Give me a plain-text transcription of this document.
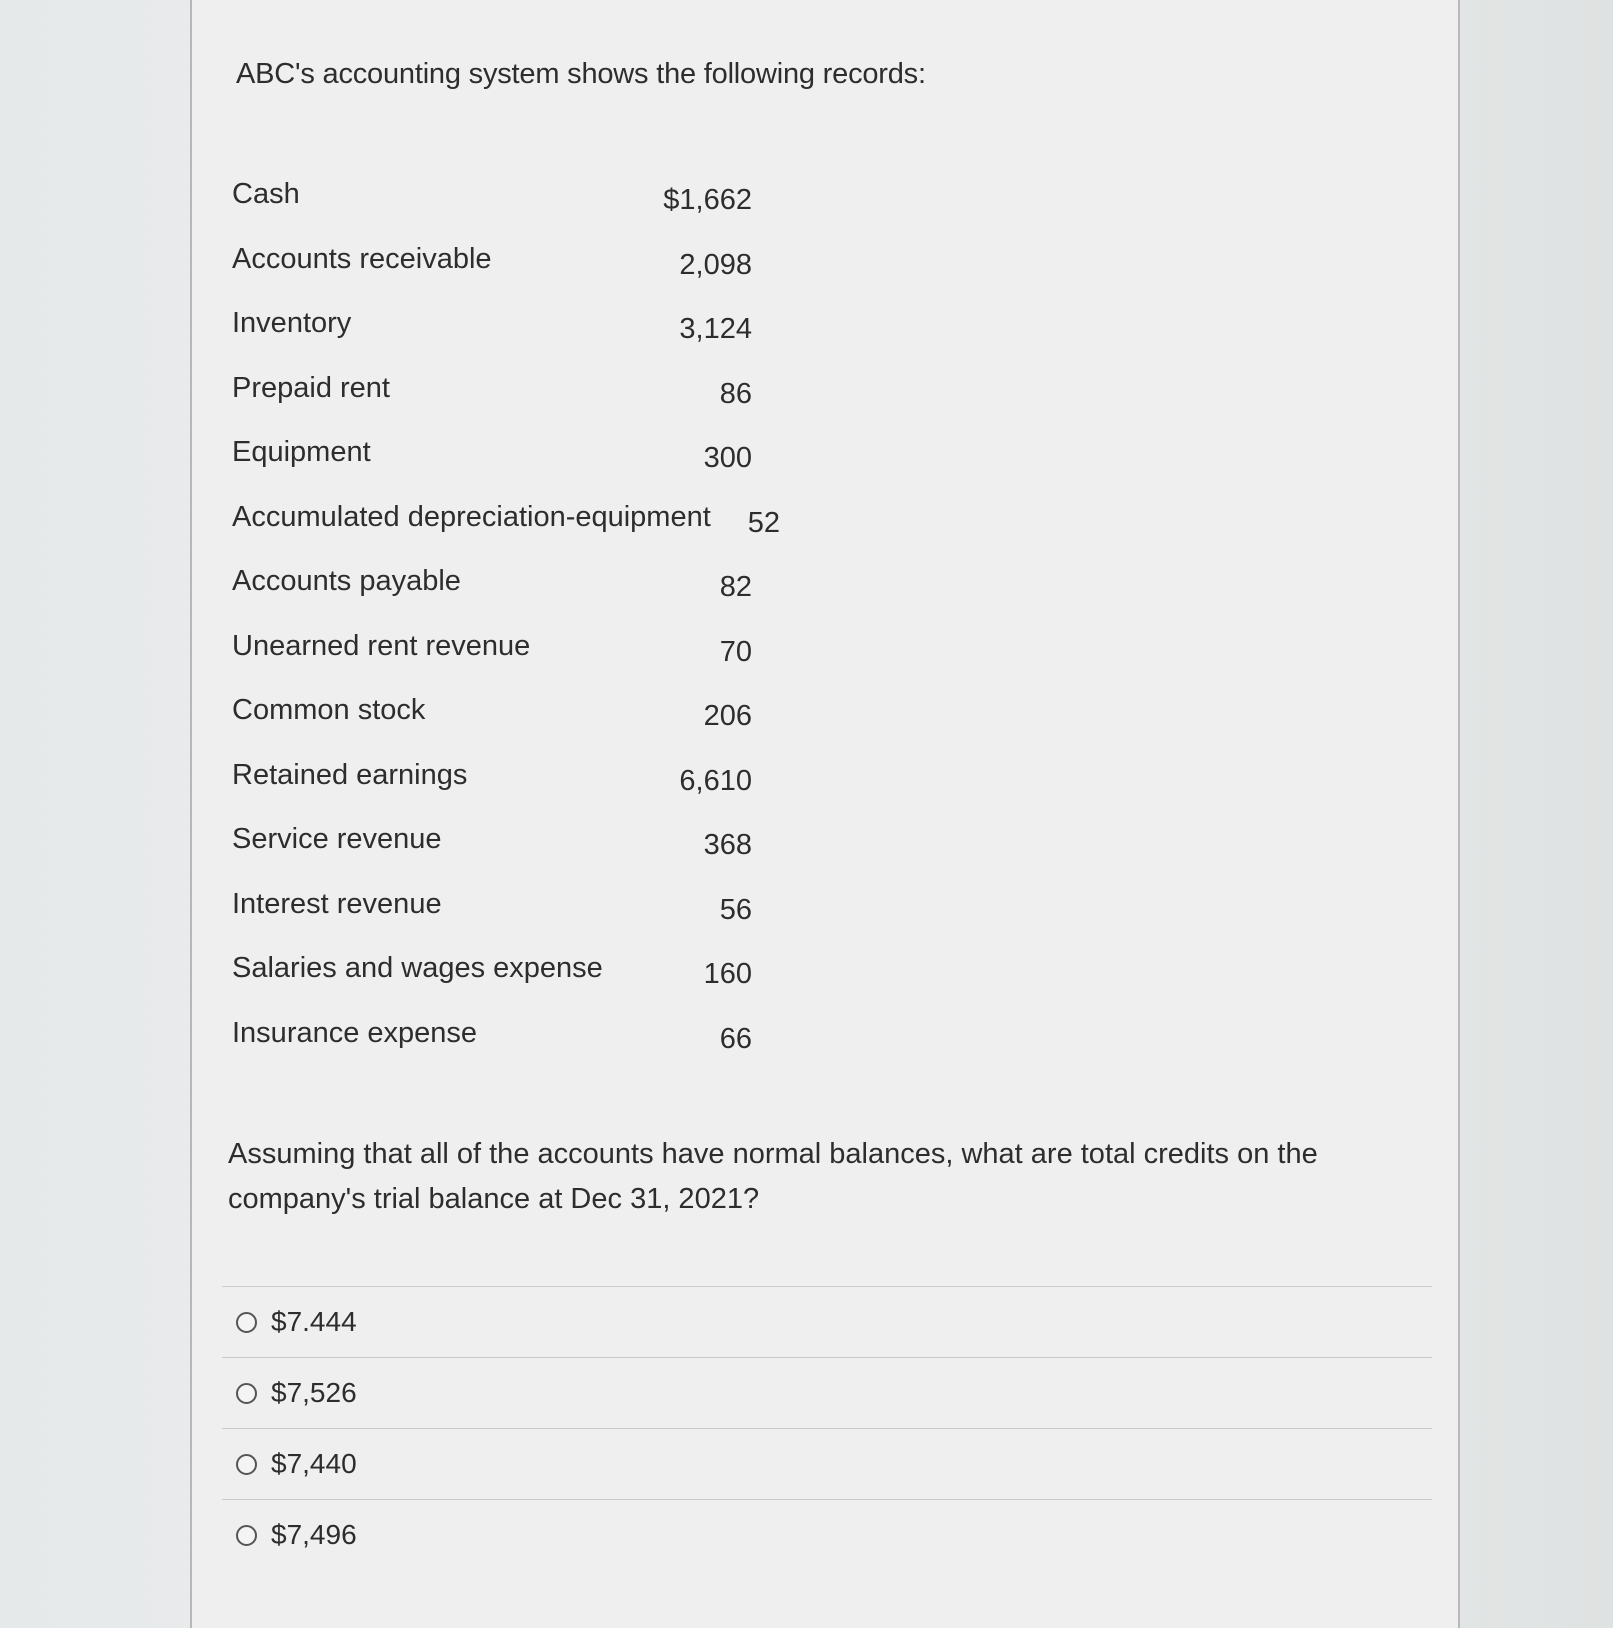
ABC's accounting system shows the following records:
Cash	$1,662
Accounts receivable	2,098
Inventory	3,124
Prepaid rent	86
Equipment	300
Accumulated depreciation-equipment 52
Accounts payable	82
Unearned rent revenue	70
Common stock	206
Retained earnings	6,610
Service revenue	368
Interest revenue	56
Salaries and wages expense	160
Insurance expense	66
Assuming that all of the accounts have normal balances, what are total credits on the company's trial balance at Dec 31, 2021?
$7.444
$7,526
$7,440
$7,496
